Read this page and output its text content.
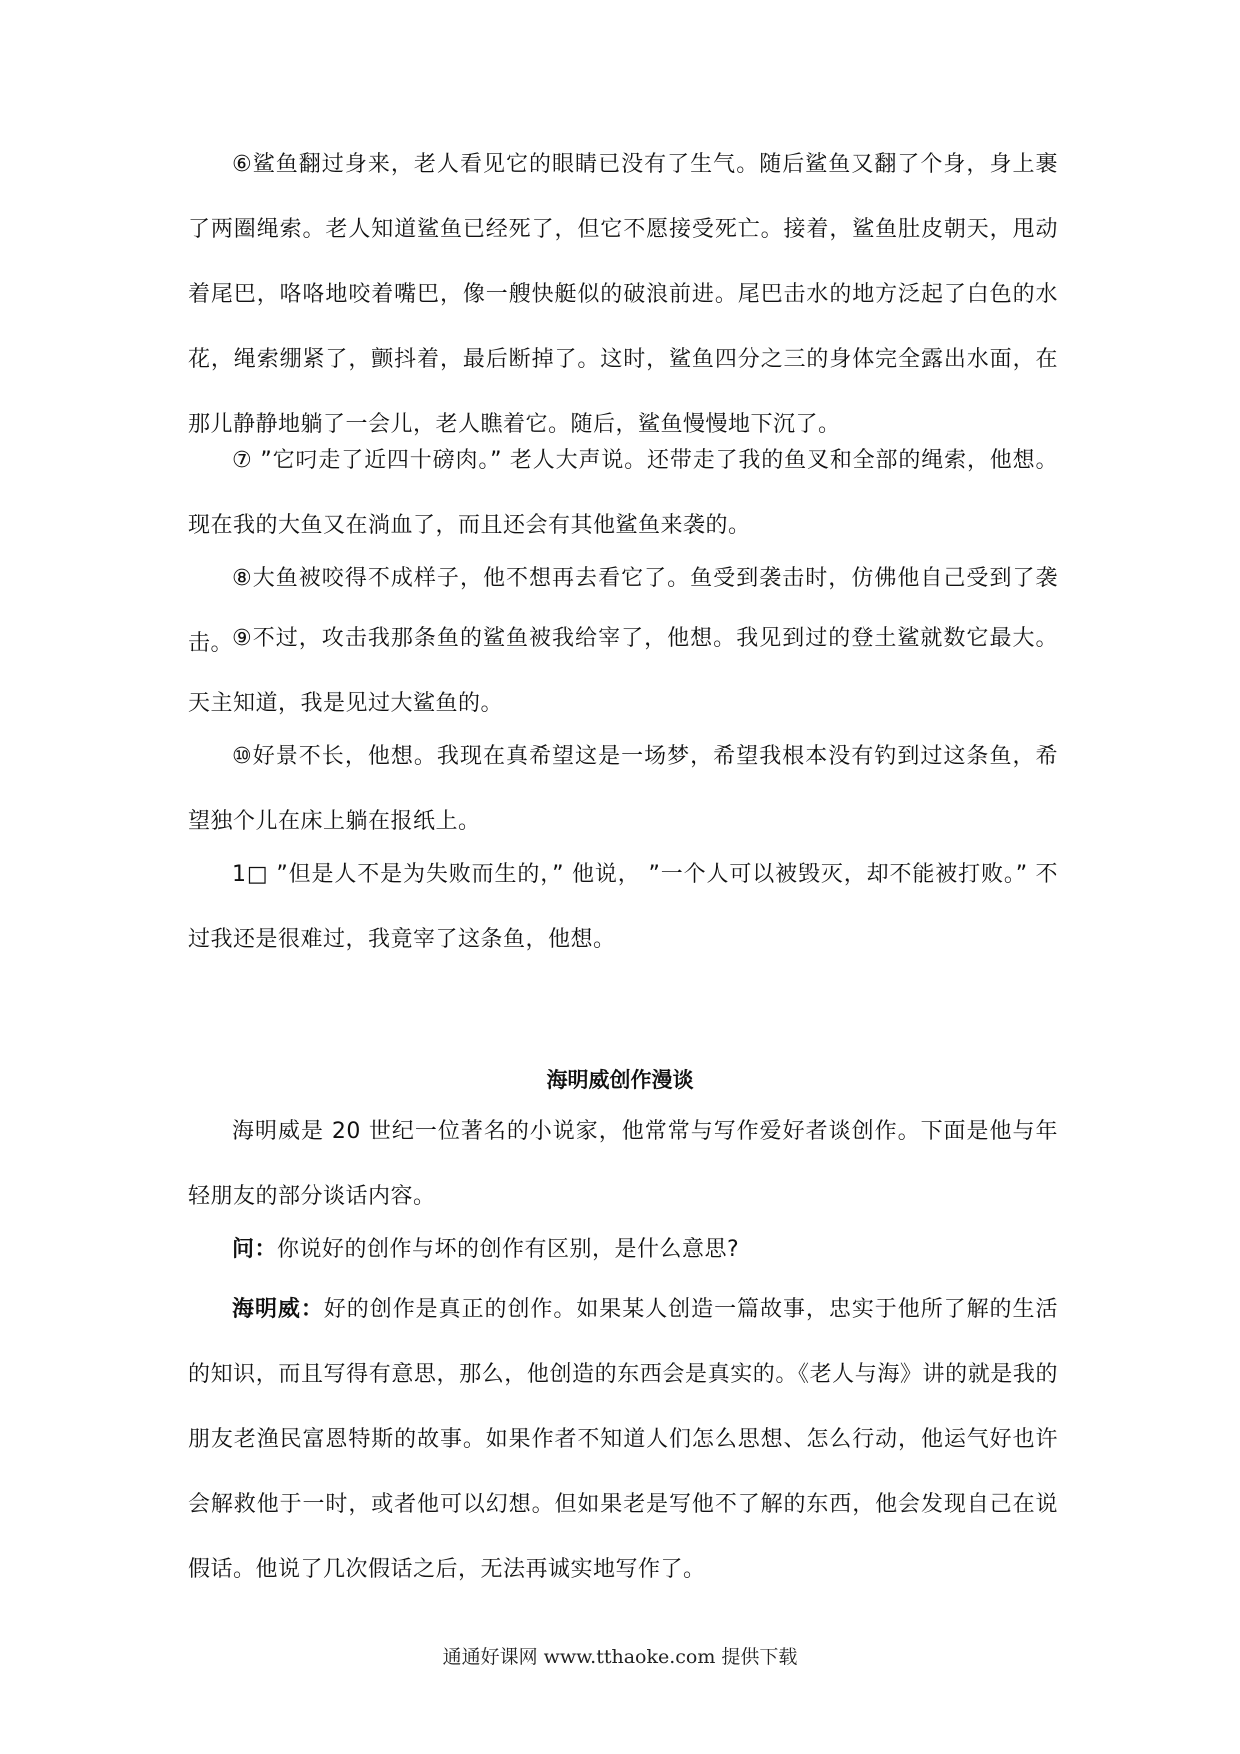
⑥鲨鱼翻过身来，老人看见它的眼睛已没有了生气。随后鲨鱼又翻了个身，身上裹了两圈绳索。老人知道鲨鱼已经死了，但它不愿接受死亡。接着，鲨鱼肚皮朝天，甩动着尾巴，咯咯地咬着嘴巴，像一艘快艇似的破浪前进。尾巴击水的地方泛起了白色的水花，绳索绷紧了，颤抖着，最后断掉了。这时，鲨鱼四分之三的身体完全露出水面，在那儿静静地躺了一会儿，老人瞧着它。随后，鲨鱼慢慢地下沉了。

⑦ ”它叼走了近四十磅肉。” 老人大声说。还带走了我的鱼叉和全部的绳索，他想。现在我的大鱼又在淌血了，而且还会有其他鲨鱼来袭的。

⑧大鱼被咬得不成样子，他不想再去看它了。鱼受到袭击时，仿佛他自己受到了袭击。

⑨不过，攻击我那条鱼的鲨鱼被我给宰了，他想。我见到过的登土鲨就数它最大。天主知道，我是见过大鲨鱼的。

⑩好景不长，他想。我现在真希望这是一场梦，希望我根本没有钓到过这条鱼，希望独个儿在床上躺在报纸上。

1□ ”但是人不是为失败而生的，” 他说， ”一个人可以被毁灭，却不能被打败。” 不过我还是很难过，我竟宰了这条鱼，他想。

海明威创作漫谈

海明威是 20 世纪一位著名的小说家，他常常与写作爱好者谈创作。下面是他与年轻朋友的部分谈话内容。

问：你说好的创作与坏的创作有区别，是什么意思?

海明威：好的创作是真正的创作。如果某人创造一篇故事，忠实于他所了解的生活的知识，而且写得有意思，那么，他创造的东西会是真实的。《老人与海》讲的就是我的朋友老渔民富恩特斯的故事。如果作者不知道人们怎么思想、怎么行动，他运气好也许会解救他于一时，或者他可以幻想。但如果老是写他不了解的东西，他会发现自己在说假话。他说了几次假话之后，无法再诚实地写作了。

通通好课网 www.tthaoke.com 提供下载
